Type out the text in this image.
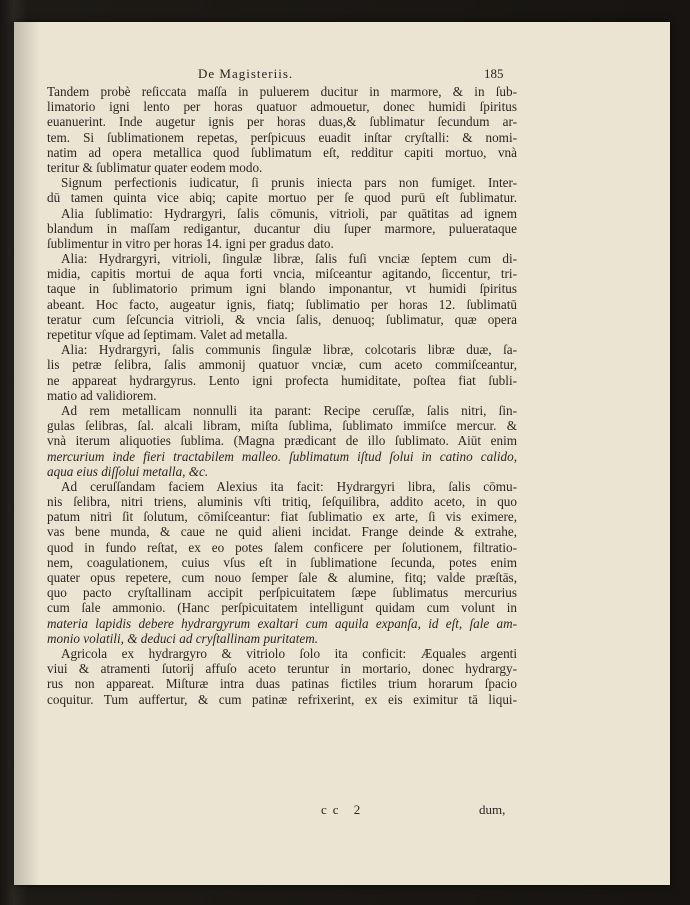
De Magisteriis.	185
Tandem probè reſiccata maſſa in puluerem ducitur in marmore, & in ſub-
limatorio igni lento per horas quatuor admouetur, donec humidi ſpiritus
euanuerint. Inde augetur ignis per horas duas,& ſublimatur ſecundum ar-
tem. Si ſublimationem repetas, perſpicuus euadit inſtar cryſtalli: & nomi-
natim ad opera metallica quod ſublimatum eſt, redditur capiti mortuo, vnà
teritur & ſublimatur quater eodem modo.
Signum perfectionis iudicatur, ſi prunis iniecta pars non fumiget. Inter-
dū tamen quinta vice abiq; capite mortuo per ſe quod purū eſt ſublimatur.
Alia ſublimatio: Hydrargyri, ſalis cōmunis, vitrioli, par quātitas ad ignem
blandum in maſſam redigantur, ducantur diu ſuper marmore, puluerataque
ſublimentur in vitro per horas 14. igni per gradus dato.
Alia: Hydrargyri, vitrioli, ſingulæ libræ, ſalis fuſi vnciæ ſeptem cum di-
midia, capitis mortui de aqua forti vncia, miſceantur agitando, ſiccentur, tri-
taque in ſublimatorio primum igni blando imponantur, vt humidi ſpiritus
abeant. Hoc facto, augeatur ignis, fiatq; ſublimatio per horas 12. ſublimatū
teratur cum ſeſcuncia vitrioli, & vncia ſalis, denuoq; ſublimatur, quæ opera
repetitur vſque ad ſeptimam. Valet ad metalla.
Alia: Hydrargyri, ſalis communis ſingulæ libræ, colcotaris libræ duæ, ſa-
lis petræ ſelibra, ſalis ammonij quatuor vnciæ, cum aceto commiſceantur,
ne appareat hydrargyrus. Lento igni profecta humiditate, poſtea fiat ſubli-
matio ad validiorem.
Ad rem metallicam nonnulli ita parant: Recipe ceruſſæ, ſalis nitri, ſin-
gulas ſelibras, ſal. alcali libram, miſta ſublima, ſublimato immiſce mercur. &
vnà iterum aliquoties ſublima. (Magna prædicant de illo ſublimato. Aiūt enim
mercurium inde fieri tractabilem malleo. ſublimatum iſtud ſolui in catino calido,
aqua eius diſſolui metalla, &c.
Ad ceruſſandam faciem Alexius ita facit: Hydrargyri libra, ſalis cōmu-
nis ſelibra, nitri triens, aluminis vſti tritiq, ſeſquilibra, addito aceto, in quo
patum nitri ſit ſolutum, cōmiſceantur: fiat ſublimatio ex arte, ſi vis eximere,
vas bene munda, & caue ne quid alieni incidat. Frange deinde & extrahe,
quod in fundo reſtat, ex eo potes ſalem conficere per ſolutionem, filtratio-
nem, coagulationem, cuius vſus eſt in ſublimatione ſecunda, potes enim
quater opus repetere, cum nouo ſemper ſale & alumine, fitq; valde præſtās,
quo pacto cryſtallinam accipit perſpicuitatem ſæpe ſublimatus mercurius
cum ſale ammonio. (Hanc perſpicuitatem intelligunt quidam cum volunt in
materia lapidis debere hydrargyrum exaltari cum aquila expanſa, id eſt, ſale am-
monio volatili, & deduci ad cryſtallinam puritatem.
Agricola ex hydrargyro & vitriolo ſolo ita conficit: Æquales argenti
viui & atramenti ſutorij affuſo aceto teruntur in mortario, donec hydrargy-
rus non appareat. Miſturæ intra duas patinas fictiles trium horarum ſpacio
coquitur. Tum auffertur, & cum patinæ refrixerint, ex eis eximitur tā liqui-
cc 2	dum,
